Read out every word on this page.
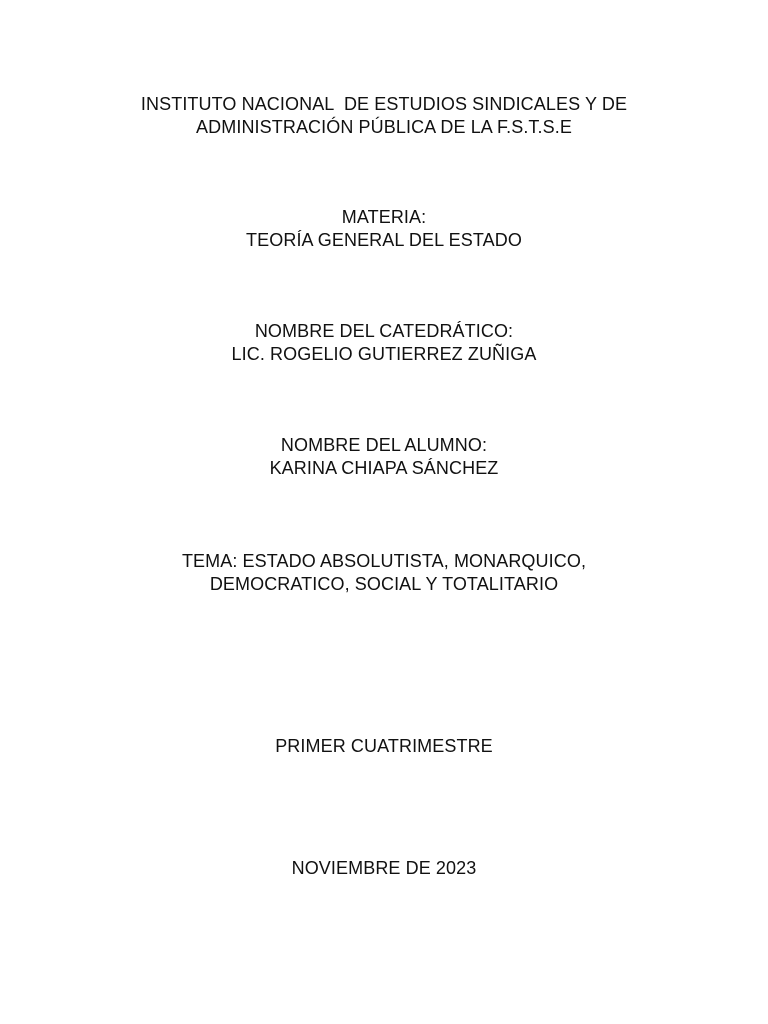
INSTITUTO NACIONAL  DE ESTUDIOS SINDICALES Y DE
ADMINISTRACIÓN PÚBLICA DE LA F.S.T.S.E
MATERIA:
TEORÍA GENERAL DEL ESTADO
NOMBRE DEL CATEDRÁTICO:
LIC. ROGELIO GUTIERREZ ZUÑIGA
NOMBRE DEL ALUMNO:
KARINA CHIAPA SÁNCHEZ
TEMA: ESTADO ABSOLUTISTA, MONARQUICO,
DEMOCRATICO, SOCIAL Y TOTALITARIO
PRIMER CUATRIMESTRE
NOVIEMBRE DE 2023
